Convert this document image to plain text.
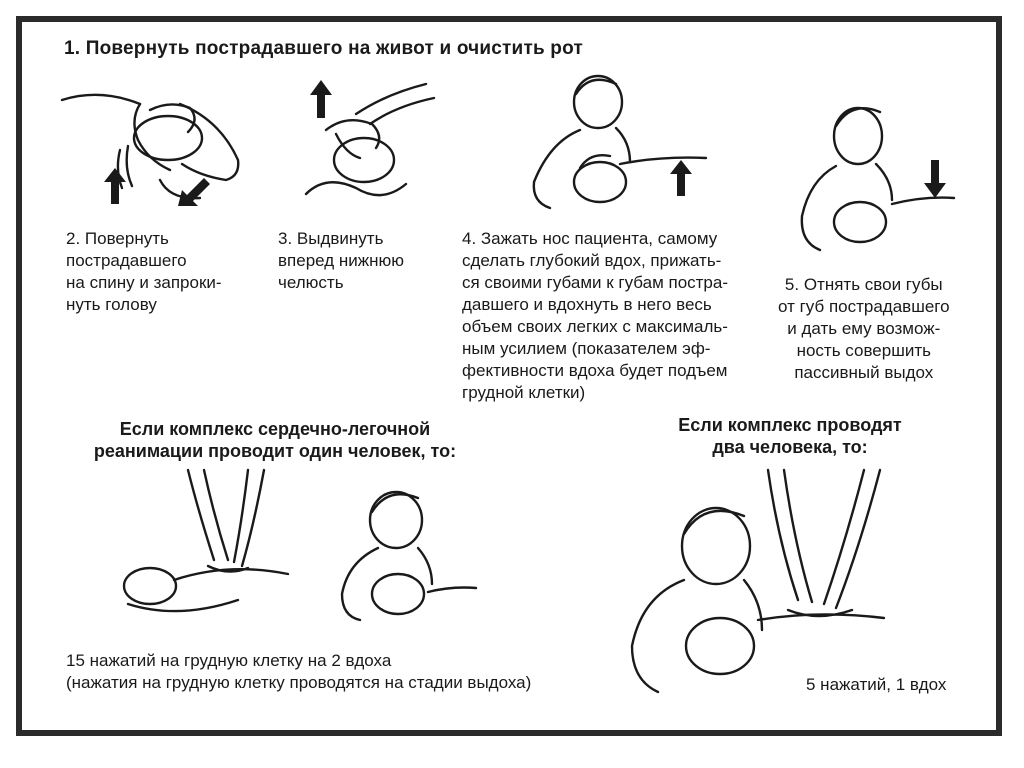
1. Повернуть пострадавшего на живот и очистить рот
2. Повернуть
пострадавшего
на спину и запроки-
нуть голову
3. Выдвинуть
вперед нижнюю
челюсть
4. Зажать нос пациента, самому
сделать глубокий вдох, прижать-
ся своими губами к губам постра-
давшего и вдохнуть в него весь
объем своих легких с максималь-
ным усилием (показателем эф-
фективности вдоха будет подъем
грудной клетки)
5. Отнять свои губы
от губ пострадавшего
и дать ему возмож-
ность совершить
пассивный выдох
Если комплекс сердечно-легочной
реанимации проводит один человек, то:
15 нажатий на грудную клетку на 2 вдоха
(нажатия на грудную клетку проводятся на стадии выдоха)
Если комплекс проводят
два человека, то:
5 нажатий, 1 вдох
